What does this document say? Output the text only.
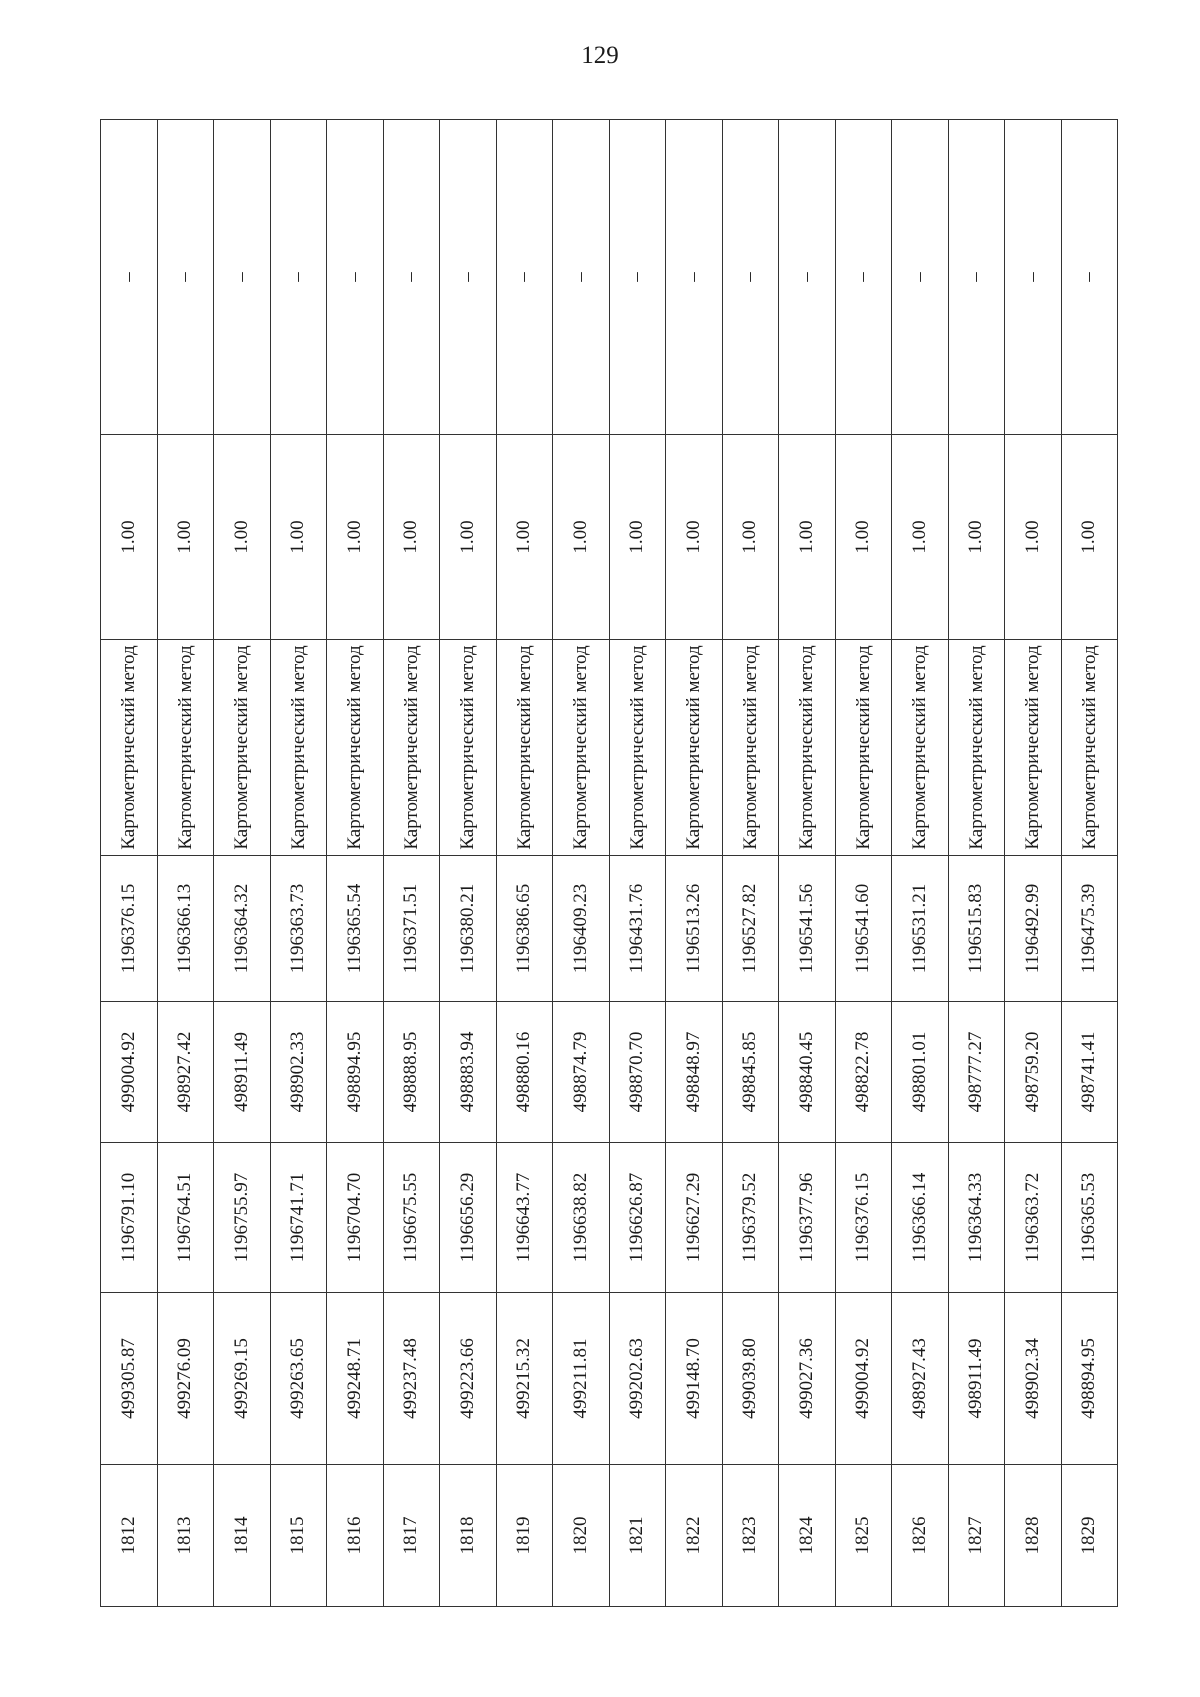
129
1812	499305.87	1196791.10	499004.92	1196376.15	Картометрический метод	1.00	–
1813	499276.09	1196764.51	498927.42	1196366.13	Картометрический метод	1.00	–
1814	499269.15	1196755.97	498911.49	1196364.32	Картометрический метод	1.00	–
1815	499263.65	1196741.71	498902.33	1196363.73	Картометрический метод	1.00	–
1816	499248.71	1196704.70	498894.95	1196365.54	Картометрический метод	1.00	–
1817	499237.48	1196675.55	498888.95	1196371.51	Картометрический метод	1.00	–
1818	499223.66	1196656.29	498883.94	1196380.21	Картометрический метод	1.00	–
1819	499215.32	1196643.77	498880.16	1196386.65	Картометрический метод	1.00	–
1820	499211.81	1196638.82	498874.79	1196409.23	Картометрический метод	1.00	–
1821	499202.63	1196626.87	498870.70	1196431.76	Картометрический метод	1.00	–
1822	499148.70	1196627.29	498848.97	1196513.26	Картометрический метод	1.00	–
1823	499039.80	1196379.52	498845.85	1196527.82	Картометрический метод	1.00	–
1824	499027.36	1196377.96	498840.45	1196541.56	Картометрический метод	1.00	–
1825	499004.92	1196376.15	498822.78	1196541.60	Картометрический метод	1.00	–
1826	498927.43	1196366.14	498801.01	1196531.21	Картометрический метод	1.00	–
1827	498911.49	1196364.33	498777.27	1196515.83	Картометрический метод	1.00	–
1828	498902.34	1196363.72	498759.20	1196492.99	Картометрический метод	1.00	–
1829	498894.95	1196365.53	498741.41	1196475.39	Картометрический метод	1.00	–
